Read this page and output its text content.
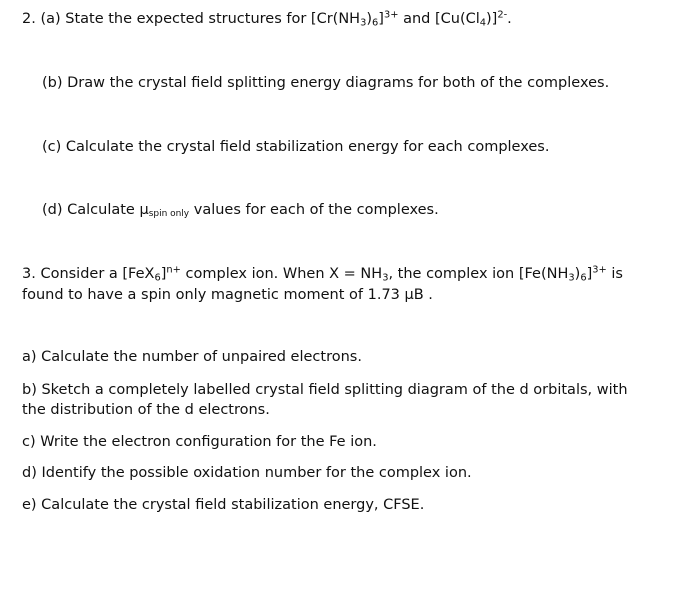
2. (a) State the expected structures for $[Cr(NH_3)_6]^{3+}$ and $[Cu(Cl_4)]^{2-}$.
(b) Draw the crystal field splitting energy diagrams for both of the complexes.
(c) Calculate the crystal field stabilization energy for each complexes.
(d) Calculate $\mu_{spin only}$ values for each of the complexes.
3. Consider a $[FeX_6]^{n+}$ complex ion. When $X = NH_3$, the complex ion $[Fe(NH_3)_6]^{3+}$ is
found to have a spin only magnetic moment of 1.73 μB .
a) Calculate the number of unpaired electrons.
b) Sketch a completely labelled crystal field splitting diagram of the d orbitals, with the distribution of the d electrons.
c) Write the electron configuration for the Fe ion.
d) Identify the possible oxidation number for the complex ion.
e) Calculate the crystal field stabilization energy, CFSE.
